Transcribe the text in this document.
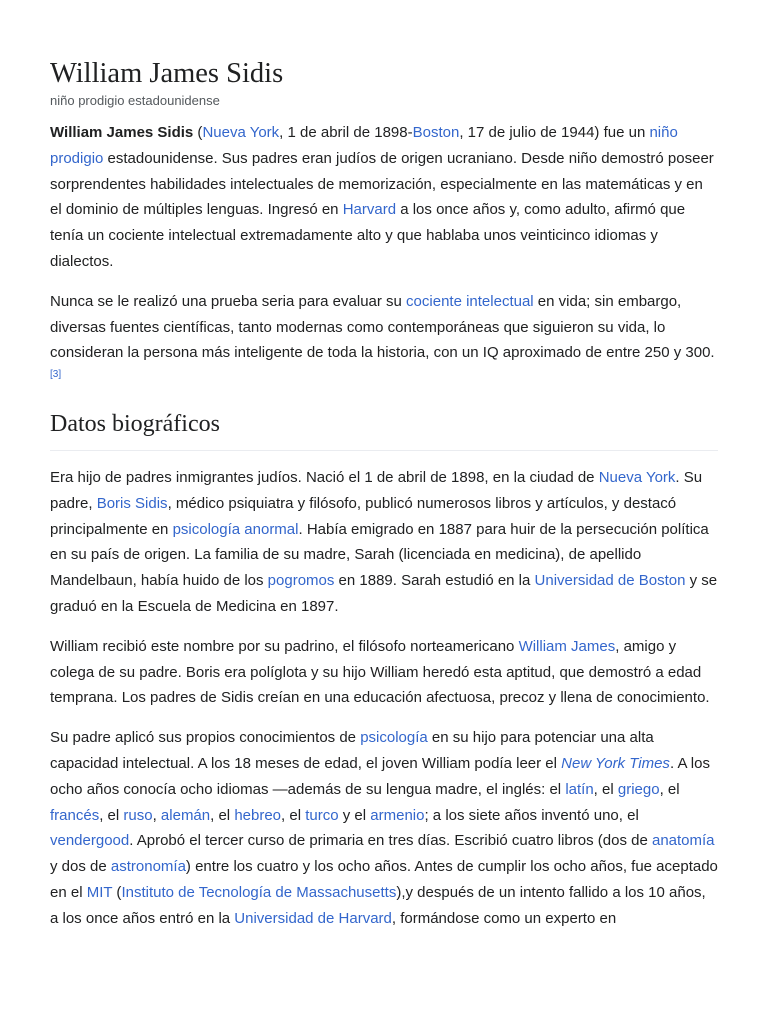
William James Sidis
niño prodigio estadounidense

William James Sidis (Nueva York, 1 de abril de 1898-Boston, 17 de julio de 1944) fue un niño prodigio estadounidense. Sus padres eran judíos de origen ucraniano. Desde niño demostró poseer sorprendentes habilidades intelectuales de memorización, especialmente en las matemáticas y en el dominio de múltiples lenguas. Ingresó en Harvard a los once años y, como adulto, afirmó que tenía un cociente intelectual extremadamente alto y que hablaba unos veinticinco idiomas y dialectos.

Nunca se le realizó una prueba seria para evaluar su cociente intelectual en vida; sin embargo, diversas fuentes científicas, tanto modernas como contemporáneas que siguieron su vida, lo consideran la persona más inteligente de toda la historia, con un IQ aproximado de entre 250 y 300.[3]

Datos biográficos

Era hijo de padres inmigrantes judíos. Nació el 1 de abril de 1898, en la ciudad de Nueva York. Su padre, Boris Sidis, médico psiquiatra y filósofo, publicó numerosos libros y artículos, y destacó principalmente en psicología anormal. Había emigrado en 1887 para huir de la persecución política en su país de origen. La familia de su madre, Sarah (licenciada en medicina), de apellido Mandelbaun, había huido de los pogromos en 1889. Sarah estudió en la Universidad de Boston y se graduó en la Escuela de Medicina en 1897.

William recibió este nombre por su padrino, el filósofo norteamericano William James, amigo y colega de su padre. Boris era políglota y su hijo William heredó esta aptitud, que demostró a edad temprana. Los padres de Sidis creían en una educación afectuosa, precoz y llena de conocimiento.

Su padre aplicó sus propios conocimientos de psicología en su hijo para potenciar una alta capacidad intelectual. A los 18 meses de edad, el joven William podía leer el New York Times. A los ocho años conocía ocho idiomas —además de su lengua madre, el inglés: el latín, el griego, el francés, el ruso, alemán, el hebreo, el turco y el armenio; a los siete años inventó uno, el vendergood. Aprobó el tercer curso de primaria en tres días. Escribió cuatro libros (dos de anatomía y dos de astronomía) entre los cuatro y los ocho años. Antes de cumplir los ocho años, fue aceptado en el MIT (Instituto de Tecnología de Massachusetts),y después de un intento fallido a los 10 años, a los once años entró en la Universidad de Harvard, formándose como un experto en
